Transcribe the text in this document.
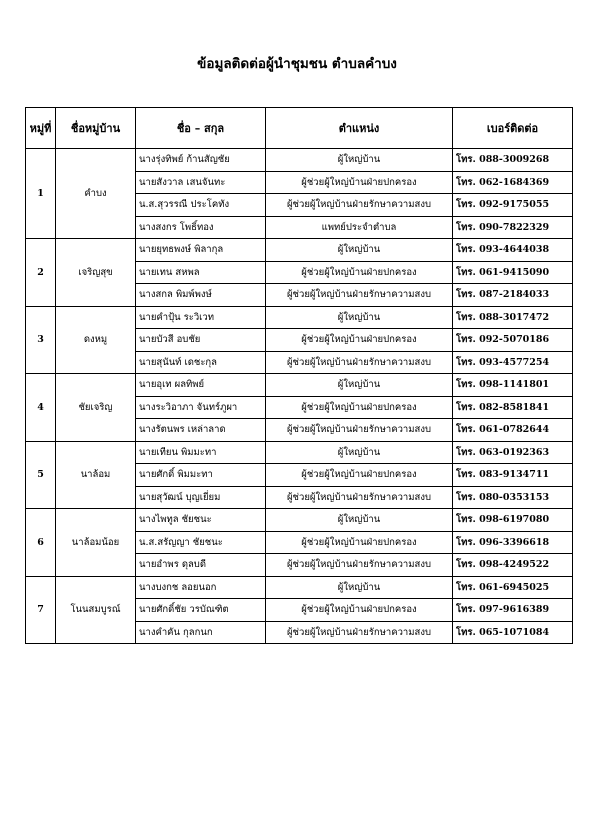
ข้อมูลติดต่อผู้นำชุมชน ตำบลคำบง
หมู่ที่	ชื่อหมู่บ้าน	ชื่อ – สกุล	ตำแหน่ง	เบอร์ติดต่อ
1	คำบง	นางรุ่งทิพย์ ก้านสัญชัย	ผู้ใหญ่บ้าน	โทร. 088-3009268
		นายสังวาล เสนจันทะ	ผู้ช่วยผู้ใหญ่บ้านฝ่ายปกครอง	โทร. 062-1684369
		น.ส.สุวรรณี ประโคทัง	ผู้ช่วยผู้ใหญ่บ้านฝ่ายรักษาความสงบ	โทร. 092-9175055
		นางสงกร โพธิ์ทอง	แพทย์ประจำตำบล	โทร. 090-7822329
2	เจริญสุข	นายยุทธพงษ์ พิลากุล	ผู้ใหญ่บ้าน	โทร. 093-4644038
		นายเทน สหพล	ผู้ช่วยผู้ใหญ่บ้านฝ่ายปกครอง	โทร. 061-9415090
		นางสกล พิมพ์พงษ์	ผู้ช่วยผู้ใหญ่บ้านฝ่ายรักษาความสงบ	โทร. 087-2184033
3	ดงหมู	นายคำปุ้น ระวิเวท	ผู้ใหญ่บ้าน	โทร. 088-3017472
		นายบัวสี อบชัย	ผู้ช่วยผู้ใหญ่บ้านฝ่ายปกครอง	โทร. 092-5070186
		นายสุนันท์ เดชะกุล	ผู้ช่วยผู้ใหญ่บ้านฝ่ายรักษาความสงบ	โทร. 093-4577254
4	ชัยเจริญ	นายอุเท ผลทิพย์	ผู้ใหญ่บ้าน	โทร. 098-1141801
		นางระวิอาภา จันทร์ภูผา	ผู้ช่วยผู้ใหญ่บ้านฝ่ายปกครอง	โทร. 082-8581841
		นางรัตนพร เหล่าลาด	ผู้ช่วยผู้ใหญ่บ้านฝ่ายรักษาความสงบ	โทร. 061-0782644
5	นาล้อม	นายเทียน พิมมะทา	ผู้ใหญ่บ้าน	โทร. 063-0192363
		นายศักดิ์ พิมมะทา	ผู้ช่วยผู้ใหญ่บ้านฝ่ายปกครอง	โทร. 083-9134711
		นายสุวัฒน์ บุญเยี่ยม	ผู้ช่วยผู้ใหญ่บ้านฝ่ายรักษาความสงบ	โทร. 080-0353153
6	นาล้อมน้อย	นางไพทูล ชัยชนะ	ผู้ใหญ่บ้าน	โทร. 098-6197080
		น.ส.สรัญญา ชัยชนะ	ผู้ช่วยผู้ใหญ่บ้านฝ่ายปกครอง	โทร. 096-3396618
		นายอำพร ดุลบดี	ผู้ช่วยผู้ใหญ่บ้านฝ่ายรักษาความสงบ	โทร. 098-4249522
7	โนนสมบูรณ์	นางบงกช ลอยนอก	ผู้ใหญ่บ้าน	โทร. 061-6945025
		นายศักดิ์ชัย วรบัณฑิต	ผู้ช่วยผู้ใหญ่บ้านฝ่ายปกครอง	โทร. 097-9616389
		นางคำคัน กุลกนก	ผู้ช่วยผู้ใหญ่บ้านฝ่ายรักษาความสงบ	โทร. 065-1071084
